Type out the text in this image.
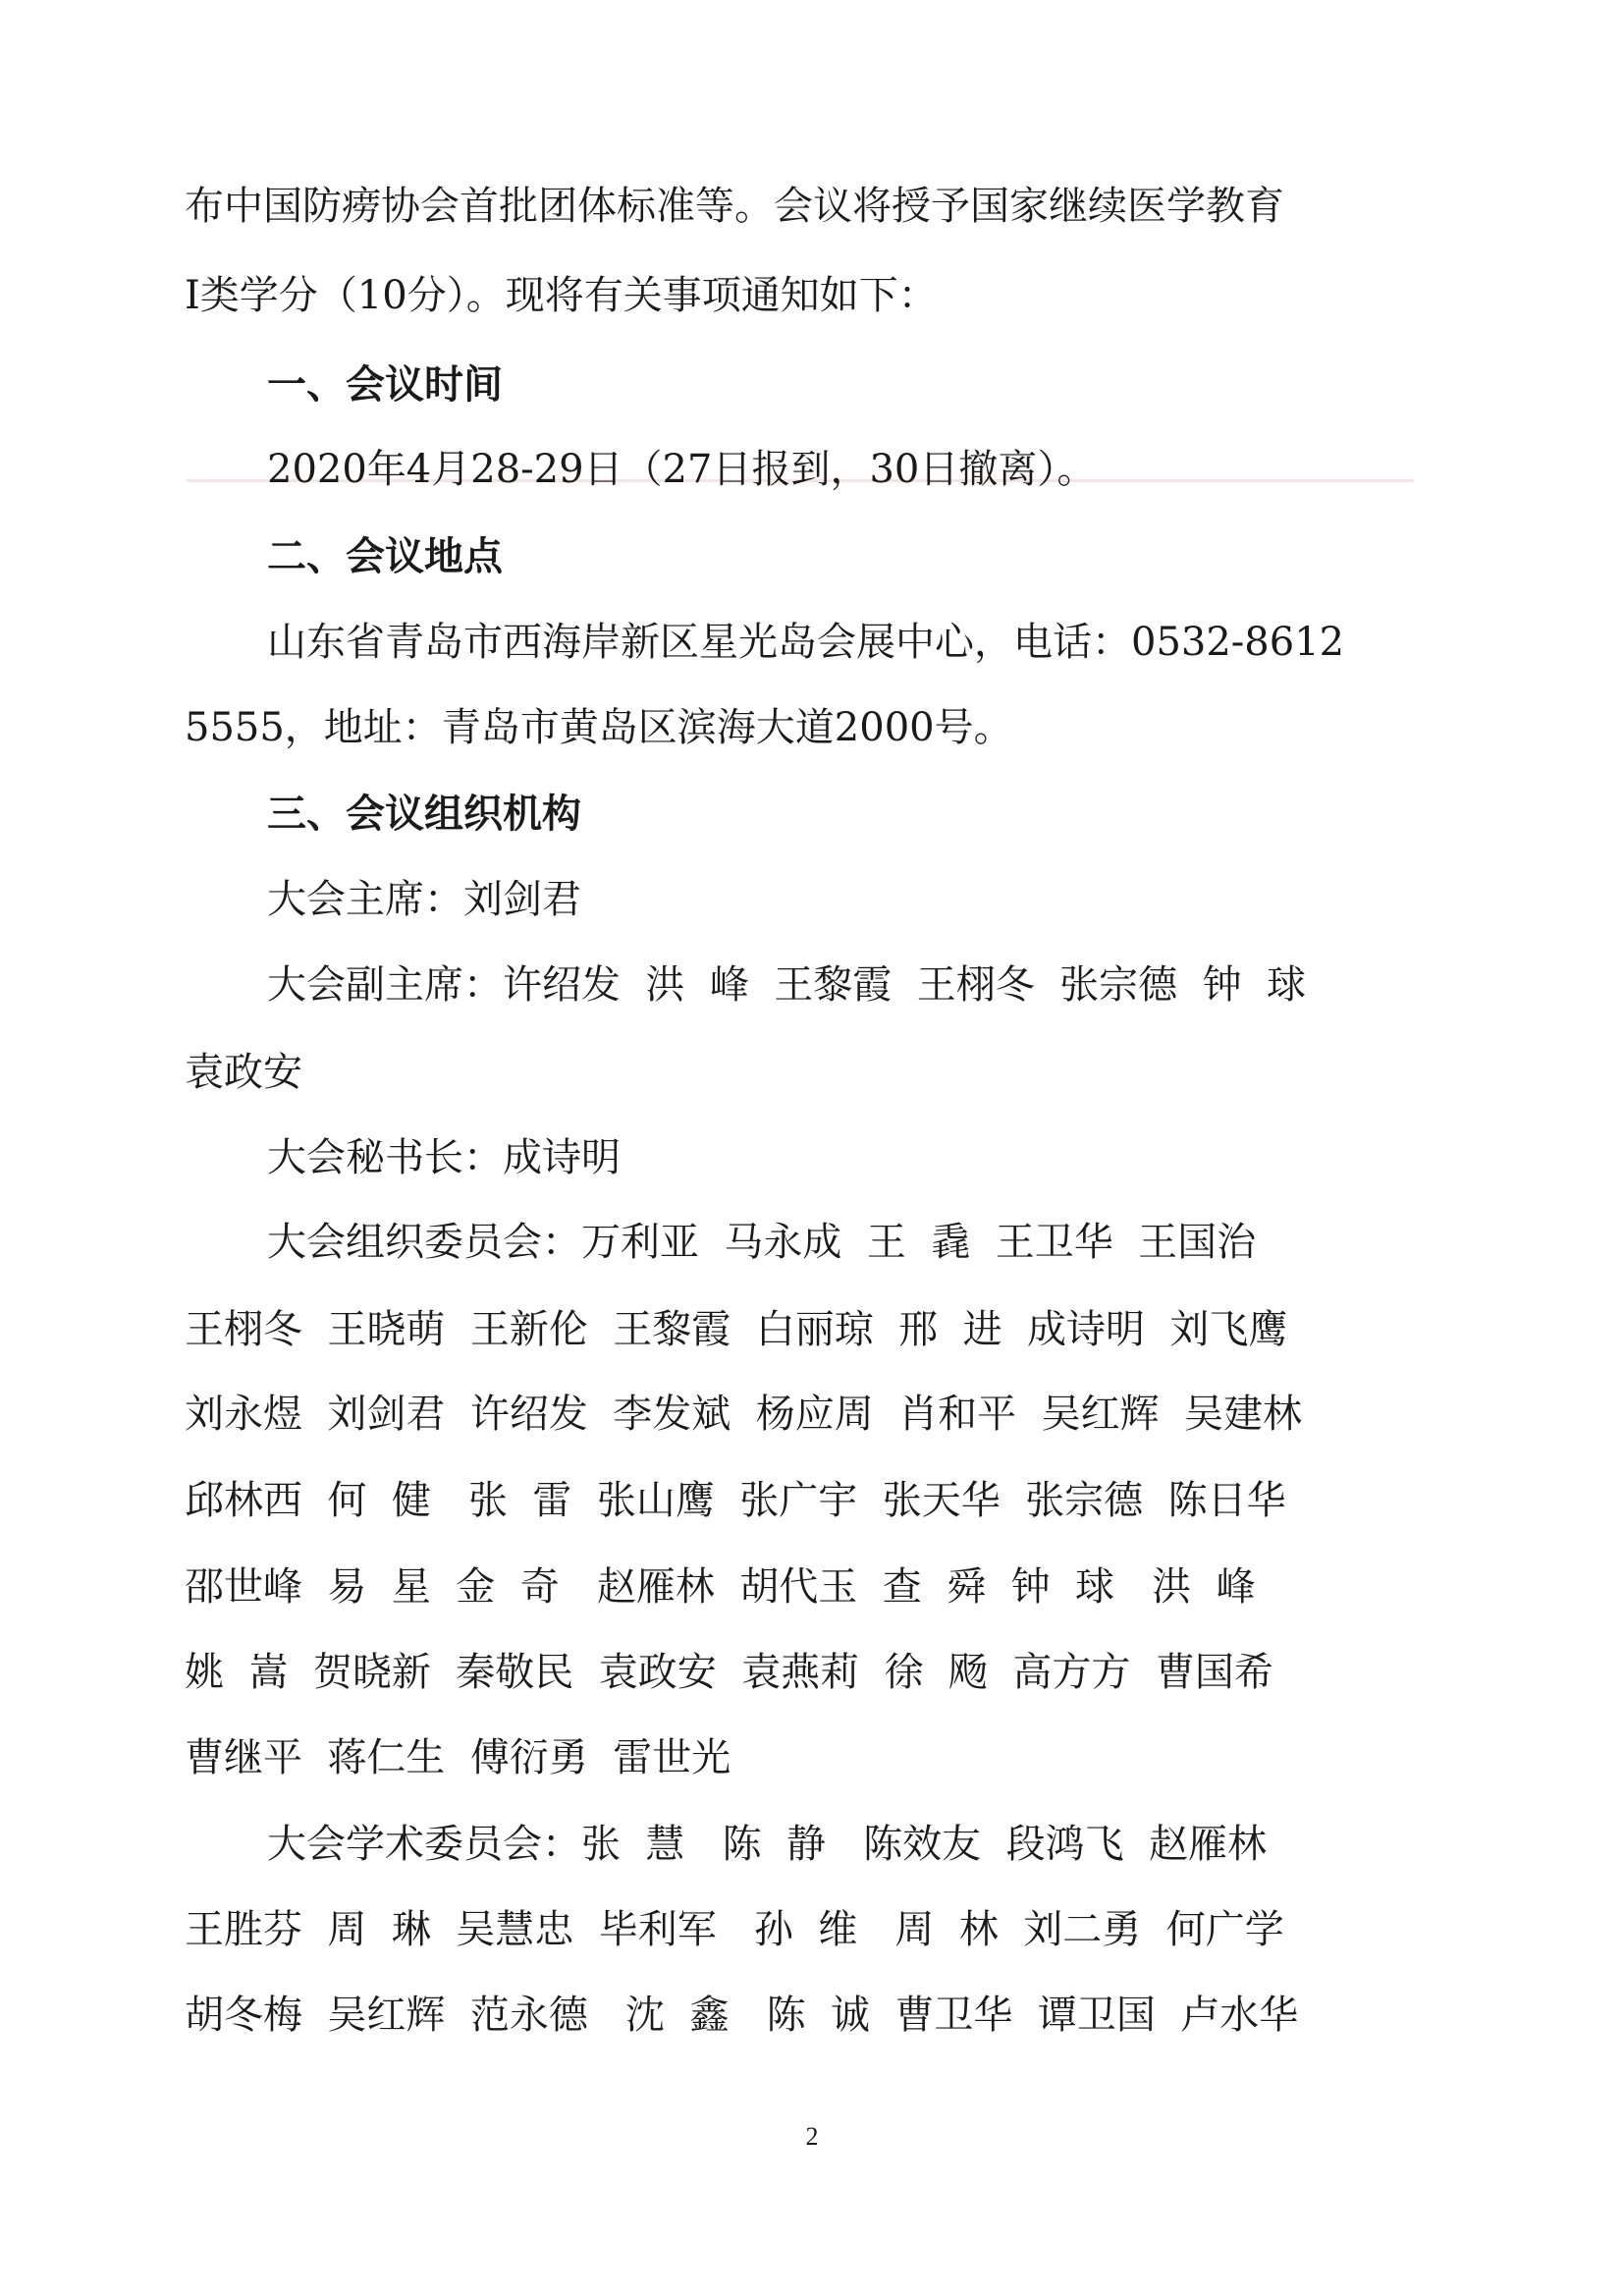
布中国防痨协会首批团体标准等。会议将授予国家继续医学教育
Ⅰ类学分（10分）。现将有关事项通知如下：
一、会议时间
2020年4月28-29日（27日报到，30日撤离）。
二、会议地点
山东省青岛市西海岸新区星光岛会展中心，电话：0532-8612
5555，地址：青岛市黄岛区滨海大道2000号。
三、会议组织机构
大会主席：刘剑君
大会副主席：许绍发  洪  峰  王黎霞  王栩冬  张宗德  钟  球
袁政安
大会秘书长：成诗明
大会组织委员会：万利亚  马永成  王  毳  王卫华  王国治
王栩冬  王晓萌  王新伦  王黎霞  白丽琼  邢  进  成诗明  刘飞鹰
刘永煜  刘剑君  许绍发  李发斌  杨应周  肖和平  吴红辉  吴建林
邱林西  何  健   张  雷  张山鹰  张广宇  张天华  张宗德  陈日华
邵世峰  易  星  金  奇   赵雁林  胡代玉  查  舜  钟  球   洪  峰
姚  嵩  贺晓新  秦敬民  袁政安  袁燕莉  徐  飏  高方方  曹国希
曹继平  蒋仁生  傅衍勇  雷世光
大会学术委员会：张  慧   陈  静   陈效友  段鸿飞  赵雁林
王胜芬  周  琳  吴慧忠  毕利军   孙  维   周  林  刘二勇  何广学
胡冬梅  吴红辉  范永德   沈  鑫   陈  诚  曹卫华  谭卫国  卢水华
2
